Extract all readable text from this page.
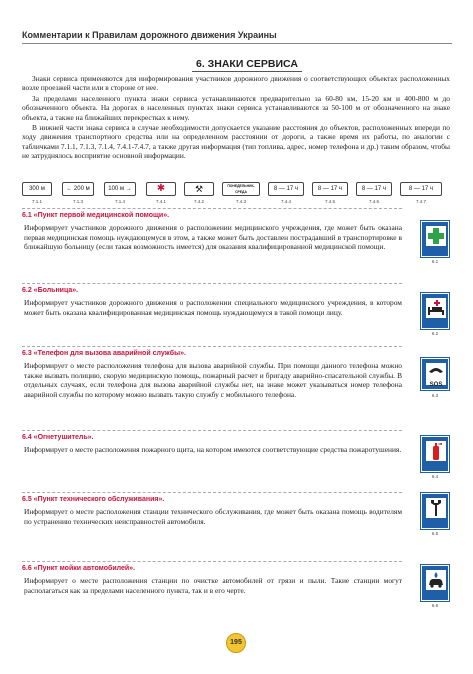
Комментарии к Правилам дорожного движения Украины
6. ЗНАКИ СЕРВИСА

Знаки сервиса применяются для информирования участников дорожного движения о соответствующих объектах расположенных возле проезжей части или в стороне от нее.

За пределами населенного пункта знаки сервиса устанавливаются предварительно за 60-80 км, 15-20 км и 400-800 м до обозначенного объекта. На дорогах в населенных пунктах знаки сервиса устанавливаются за 50-100 м от обозначенного на знаке объекта, а также на ближайших перекрестках к нему.

В нижней части знака сервиса в случае необходимости допускается указание расстояния до объектов, расположенных впереди по ходу движения транспортного средства или на определенном расстоянии от дороги, а также время их работы, по аналогии с табличками 7.1.1, 7.1.3, 7.1.4, 7.4.1-7.4.7, а также другая информация (тип топлива, адрес, номер телефона и др.) таким образом, чтобы не затруднялось восприятие основной информации.

300 м
7.1.1
← 200 м
7.1.3
100 м →
7.1.4
✱
7.4.1
⚒
7.4.2
ПОНЕДЕЛЬНИК-СРЕДА
7.4.3
8 — 17 ч
7.4.4
8 — 17 ч
7.4.5
8 — 17 ч
7.4.6
8 — 17 ч
7.4.7
6.1 «Пункт первой медицинской помощи».
Информирует участников дорожного движения о расположении медицинского учреждения, где может быть оказана первая медицинская помощь нуждающемуся в этом, а также может быть доставлен пострадавший в транспортировке в ближайшую больницу (если такая возможность имеется) для оказания квалифицированной медицинской помощи.
6.1
6.2 «Больница».
Информирует участников дорожного движения о расположении специального медицинского учреждения, в котором может быть оказана квалифицированная медицинская помощь нуждающемуся в такой помощи лицу.
6.2
6.3 «Телефон для вызова аварийной службы».
Информирует о месте расположения телефона для вызова аварийной службы. При помощи данного телефона можно также вызвать полицию, скорую медицинскую помощь, пожарный расчет и бригаду аварийно-спасательной службы. В отдельных случаях, если телефона для вызова аварийной службы нет, на знаке может указываться номер телефона аварийной службы по которому можно вызвать такую службу с мобильного телефона.
SOS
6.3
6.4 «Огнетушитель».
Информирует о месте расположения пожарного щита, на котором имеются соответствующие средства пожаротушения.
6.4
6.5 «Пункт технического обслуживания».
Информирует о месте расположения станции технического обслуживания, где может быть оказана помощь водителям по устранению технических неисправностей автомобиля.
6.5
6.6 «Пункт мойки автомобилей».
Информирует о месте расположения станции по очистке автомобилей от грязи и пыли. Такие станции могут располагаться как за пределами населенного пункта, так и в его черте.
6.6
195
